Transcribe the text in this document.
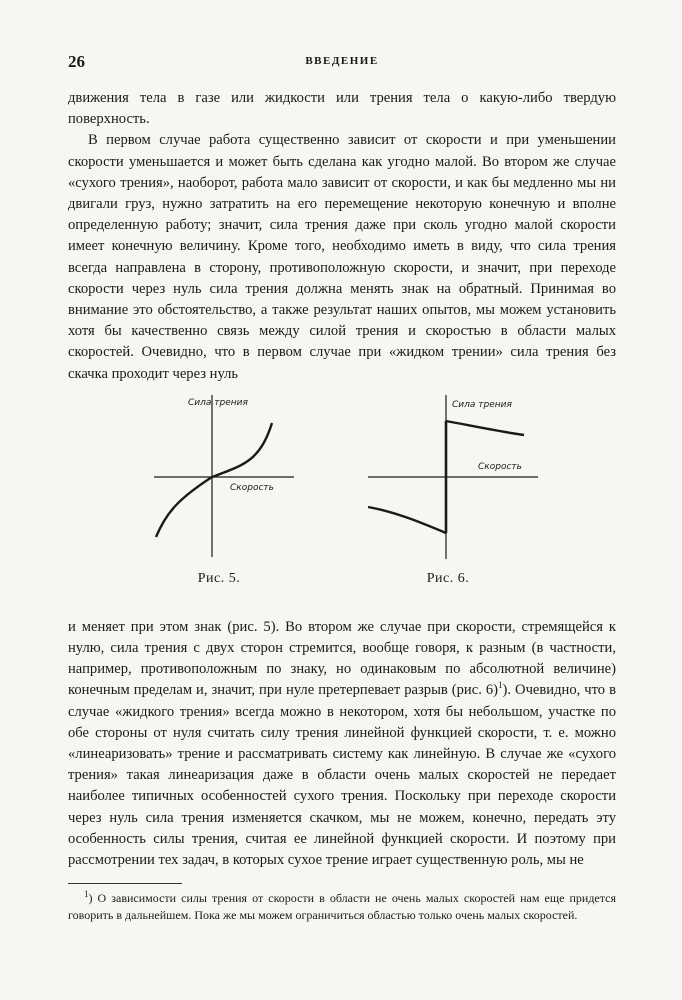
26	ВВЕДЕНИЕ

движения тела в газе или жидкости или трения тела о какую-либо твердую поверхность.

В первом случае работа существенно зависит от скорости и при уменьшении скорости уменьшается и может быть сделана как угодно малой. Во втором же случае «сухого трения», наоборот, работа мало зависит от скорости, и как бы медленно мы ни двигали груз, нужно затратить на его перемещение некоторую конечную и вполне определенную работу; значит, сила трения даже при сколь угодно малой скорости имеет конечную величину. Кроме того, необходимо иметь в виду, что сила трения всегда направлена в сторону, противоположную скорости, и значит, при переходе скорости через нуль сила трения должна менять знак на обратный. Принимая во внимание это обстоятельство, а также результат наших опытов, мы можем установить хотя бы качественно связь между силой трения и скоростью в области малых скоростей. Очевидно, что в первом случае при «жидком трении» сила трения без скачка проходит через нуль

Сила трения
Скорость
Рис. 5.
Сила трения
Скорость
Рис. 6.

и меняет при этом знак (рис. 5). Во втором же случае при скорости, стремящейся к нулю, сила трения с двух сторон стремится, вообще говоря, к разным (в частности, например, противоположным по знаку, но одинаковым по абсолютной величине) конечным пределам и, значит, при нуле претерпевает разрыв (рис. 6)$^1$). Очевидно, что в случае «жидкого трения» всегда можно в некотором, хотя бы небольшом, участке по обе стороны от нуля считать силу трения линейной функцией скорости, т. е. можно «линеаризовать» трение и рассматривать систему как линейную. В случае же «сухого трения» такая линеаризация даже в области очень малых скоростей не передает наиболее типичных особенностей сухого трения. Поскольку при переходе скорости через нуль сила трения изменяется скачком, мы не можем, конечно, передать эту особенность силы трения, считая ее линейной функцией скорости. И поэтому при рассмотрении тех задач, в которых сухое трение играет существенную роль, мы не

$^1$) О зависимости силы трения от скорости в области не очень малых скоростей нам еще придется говорить в дальнейшем. Пока же мы можем ограничиться областью только очень малых скоростей.
